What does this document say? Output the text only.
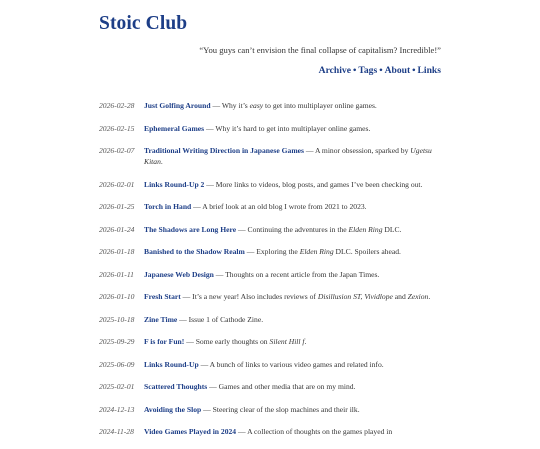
Stoic Club
“You guys can’t envision the final collapse of capitalism? Incredible!”
Archive • Tags • About • Links
2026-02-28	Just Golfing Around — Why it’s easy to get into multiplayer online games.
2026-02-15	Ephemeral Games — Why it’s hard to get into multiplayer online games.
2026-02-07	Traditional Writing Direction in Japanese Games — A minor obsession, sparked by Ugetsu Kitan.
2026-02-01	Links Round-Up 2 — More links to videos, blog posts, and games I’ve been checking out.
2026-01-25	Torch in Hand — A brief look at an old blog I wrote from 2021 to 2023.
2026-01-24	The Shadows are Long Here — Continuing the adventures in the Elden Ring DLC.
2026-01-18	Banished to the Shadow Realm — Exploring the Elden Ring DLC. Spoilers ahead.
2026-01-11	Japanese Web Design — Thoughts on a recent article from the Japan Times.
2026-01-10	Fresh Start — It’s a new year! Also includes reviews of Disillusion ST, Vividlope and Zexion.
2025-10-18	Zine Time — Issue 1 of Cathode Zine.
2025-09-29	F is for Fun! — Some early thoughts on Silent Hill f.
2025-06-09	Links Round-Up — A bunch of links to various video games and related info.
2025-02-01	Scattered Thoughts — Games and other media that are on my mind.
2024-12-13	Avoiding the Slop — Steering clear of the slop machines and their ilk.
2024-11-28	Video Games Played in 2024 — A collection of thoughts on the games played in
